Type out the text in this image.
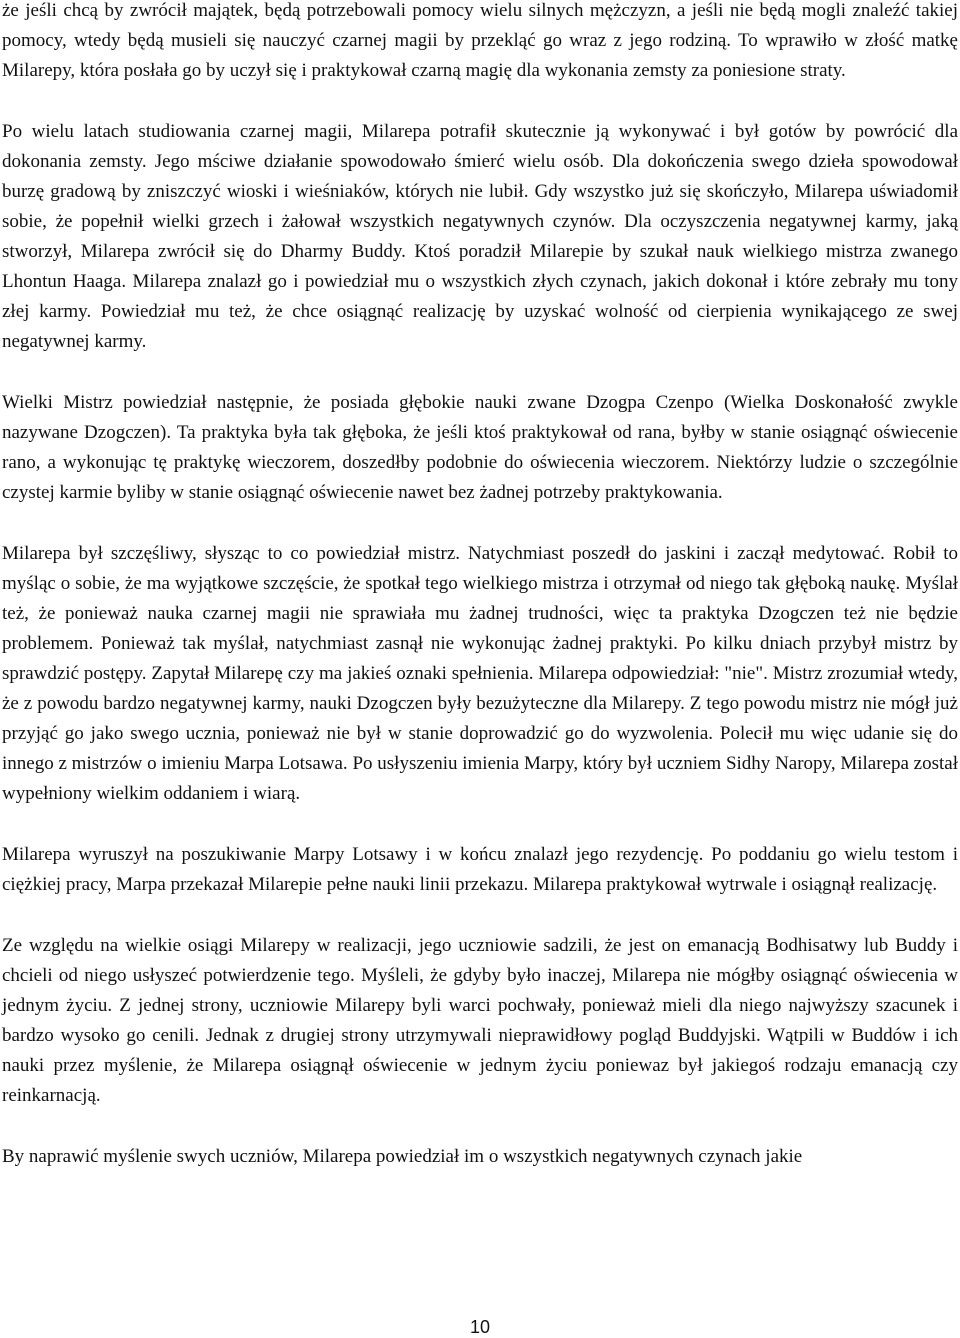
że jeśli chcą by zwrócił majątek, będą potrzebowali pomocy wielu silnych mężczyzn, a jeśli nie będą mogli znaleźć takiej pomocy, wtedy będą musieli się nauczyć czarnej magii by przekląć go wraz z jego rodziną. To wprawiło w złość matkę Milarepy, która posłała go by uczył się i praktykował czarną magię dla wykonania zemsty za poniesione straty.

Po wielu latach studiowania czarnej magii, Milarepa potrafił skutecznie ją wykonywać i był gotów by powrócić dla dokonania zemsty. Jego mściwe działanie spowodowało śmierć wielu osób. Dla dokończenia swego dzieła spowodował burzę gradową by zniszczyć wioski i wieśniaków, których nie lubił. Gdy wszystko już się skończyło, Milarepa uświadomił sobie, że popełnił wielki grzech i żałował wszystkich negatywnych czynów. Dla oczyszczenia negatywnej karmy, jaką stworzył, Milarepa zwrócił się do Dharmy Buddy. Ktoś poradził Milarepie by szukał nauk wielkiego mistrza zwanego Lhontun Haaga. Milarepa znalazł go i powiedział mu o wszystkich złych czynach, jakich dokonał i które zebrały mu tony złej karmy. Powiedział mu też, że chce osiągnąć realizację by uzyskać wolność od cierpienia wynikającego ze swej negatywnej karmy.

Wielki Mistrz powiedział następnie, że posiada głębokie nauki zwane Dzogpa Czenpo (Wielka Doskonałość zwykle nazywane Dzogczen). Ta praktyka była tak głęboka, że jeśli ktoś praktykował od rana, byłby w stanie osiągnąć oświecenie rano, a wykonując tę praktykę wieczorem, doszedłby podobnie do oświecenia wieczorem. Niektórzy ludzie o szczególnie czystej karmie byliby w stanie osiągnąć oświecenie nawet bez żadnej potrzeby praktykowania.

Milarepa był szczęśliwy, słysząc to co powiedział mistrz. Natychmiast poszedł do jaskini i zaczął medytować. Robił to myśląc o sobie, że ma wyjątkowe szczęście, że spotkał tego wielkiego mistrza i otrzymał od niego tak głęboką naukę. Myślał też, że ponieważ nauka czarnej magii nie sprawiała mu żadnej trudności, więc ta praktyka Dzogczen też nie będzie problemem. Ponieważ tak myślał, natychmiast zasnął nie wykonując żadnej praktyki. Po kilku dniach przybył mistrz by sprawdzić postępy. Zapytał Milarepę czy ma jakieś oznaki spełnienia. Milarepa odpowiedział: "nie". Mistrz zrozumiał wtedy, że z powodu bardzo negatywnej karmy, nauki Dzogczen były bezużyteczne dla Milarepy. Z tego powodu mistrz nie mógł już przyjąć go jako swego ucznia, ponieważ nie był w stanie doprowadzić go do wyzwolenia. Polecił mu więc udanie się do innego z mistrzów o imieniu Marpa Lotsawa. Po usłyszeniu imienia Marpy, który był uczniem Sidhy Naropy, Milarepa został wypełniony wielkim oddaniem i wiarą.

Milarepa wyruszył na poszukiwanie Marpy Lotsawy i w końcu znalazł jego rezydencję. Po poddaniu go wielu testom i ciężkiej pracy, Marpa przekazał Milarepie pełne nauki linii przekazu. Milarepa praktykował wytrwale i osiągnął realizację.

Ze względu na wielkie osiągi Milarepy w realizacji, jego uczniowie sadzili, że jest on emanacją Bodhisatwy lub Buddy i chcieli od niego usłyszeć potwierdzenie tego. Myśleli, że gdyby było inaczej, Milarepa nie mógłby osiągnąć oświecenia w jednym życiu. Z jednej strony, uczniowie Milarepy byli warci pochwały, ponieważ mieli dla niego najwyższy szacunek i bardzo wysoko go cenili. Jednak z drugiej strony utrzymywali nieprawidłowy pogląd Buddyjski. Wątpili w Buddów i ich nauki przez myślenie, że Milarepa osiągnął oświecenie w jednym życiu poniewaz był jakiegoś rodzaju emanacją czy reinkarnacją.

By naprawić myślenie swych uczniów, Milarepa powiedział im o wszystkich negatywnych czynach jakie

10
